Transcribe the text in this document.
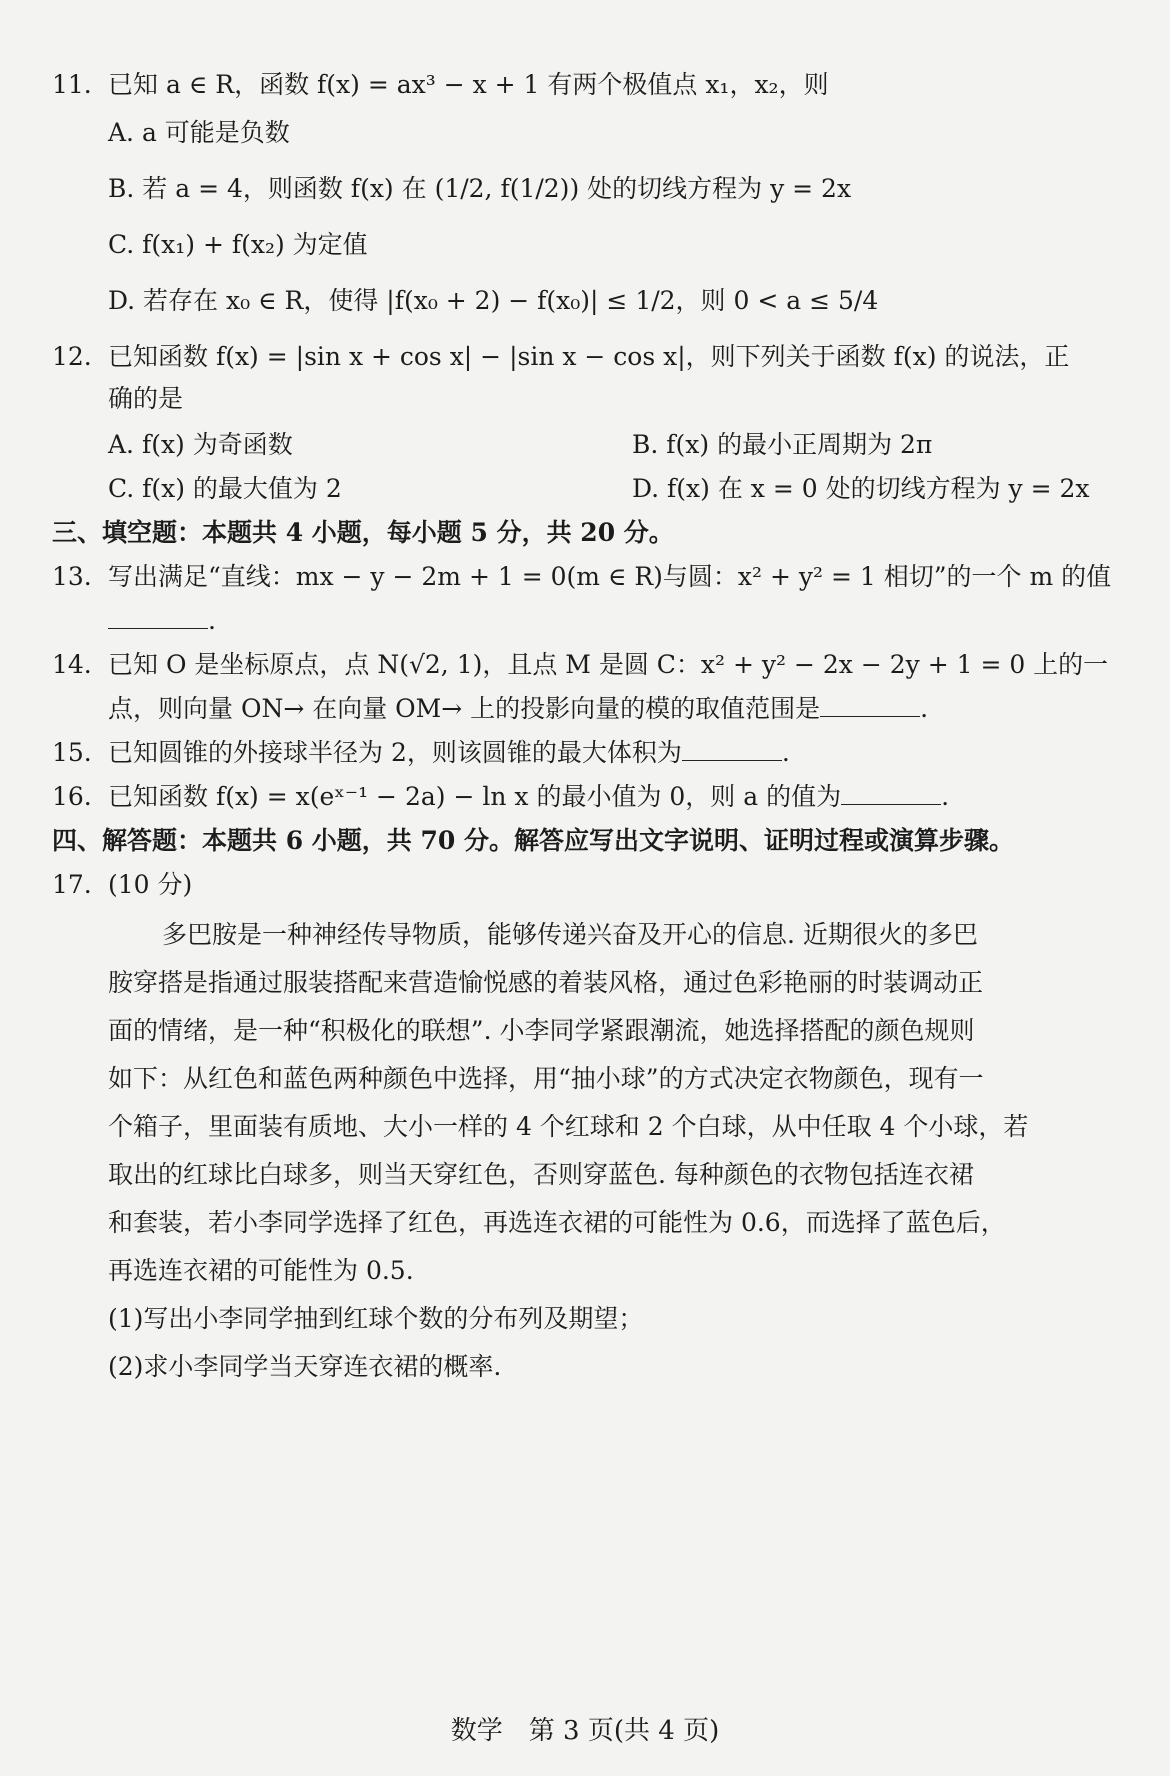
11. 已知 a ∈ R，函数 f(x) = ax³ − x + 1 有两个极值点 x₁，x₂，则
A. a 可能是负数
B. 若 a = 4，则函数 f(x) 在 (1/2, f(1/2)) 处的切线方程为 y = 2x
C. f(x₁) + f(x₂) 为定值
D. 若存在 x₀ ∈ R，使得 |f(x₀ + 2) − f(x₀)| ≤ 1/2，则 0 < a ≤ 5/4
12. 已知函数 f(x) = |sin x + cos x| − |sin x − cos x|，则下列关于函数 f(x) 的说法，正
确的是
A. f(x) 为奇函数	B. f(x) 的最小正周期为 2π
C. f(x) 的最大值为 2	D. f(x) 在 x = 0 处的切线方程为 y = 2x
三、填空题：本题共 4 小题，每小题 5 分，共 20 分。
13. 写出满足“直线：mx − y − 2m + 1 = 0(m ∈ R)与圆：x² + y² = 1 相切”的一个 m 的值
.
14. 已知 O 是坐标原点，点 N(√2, 1)，且点 M 是圆 C：x² + y² − 2x − 2y + 1 = 0 上的一
点，则向量 ON→ 在向量 OM→ 上的投影向量的模的取值范围是	.
15. 已知圆锥的外接球半径为 2，则该圆锥的最大体积为	.
16. 已知函数 f(x) = x(eˣ⁻¹ − 2a) − ln x 的最小值为 0，则 a 的值为	.
四、解答题：本题共 6 小题，共 70 分。解答应写出文字说明、证明过程或演算步骤。
17. (10 分)
多巴胺是一种神经传导物质，能够传递兴奋及开心的信息. 近期很火的多巴
胺穿搭是指通过服装搭配来营造愉悦感的着装风格，通过色彩艳丽的时装调动正
面的情绪，是一种“积极化的联想”. 小李同学紧跟潮流，她选择搭配的颜色规则
如下：从红色和蓝色两种颜色中选择，用“抽小球”的方式决定衣物颜色，现有一
个箱子，里面装有质地、大小一样的 4 个红球和 2 个白球，从中任取 4 个小球，若
取出的红球比白球多，则当天穿红色，否则穿蓝色. 每种颜色的衣物包括连衣裙
和套装，若小李同学选择了红色，再选连衣裙的可能性为 0.6，而选择了蓝色后，
再选连衣裙的可能性为 0.5.
(1)写出小李同学抽到红球个数的分布列及期望；
(2)求小李同学当天穿连衣裙的概率.
数学　第 3 页(共 4 页)
